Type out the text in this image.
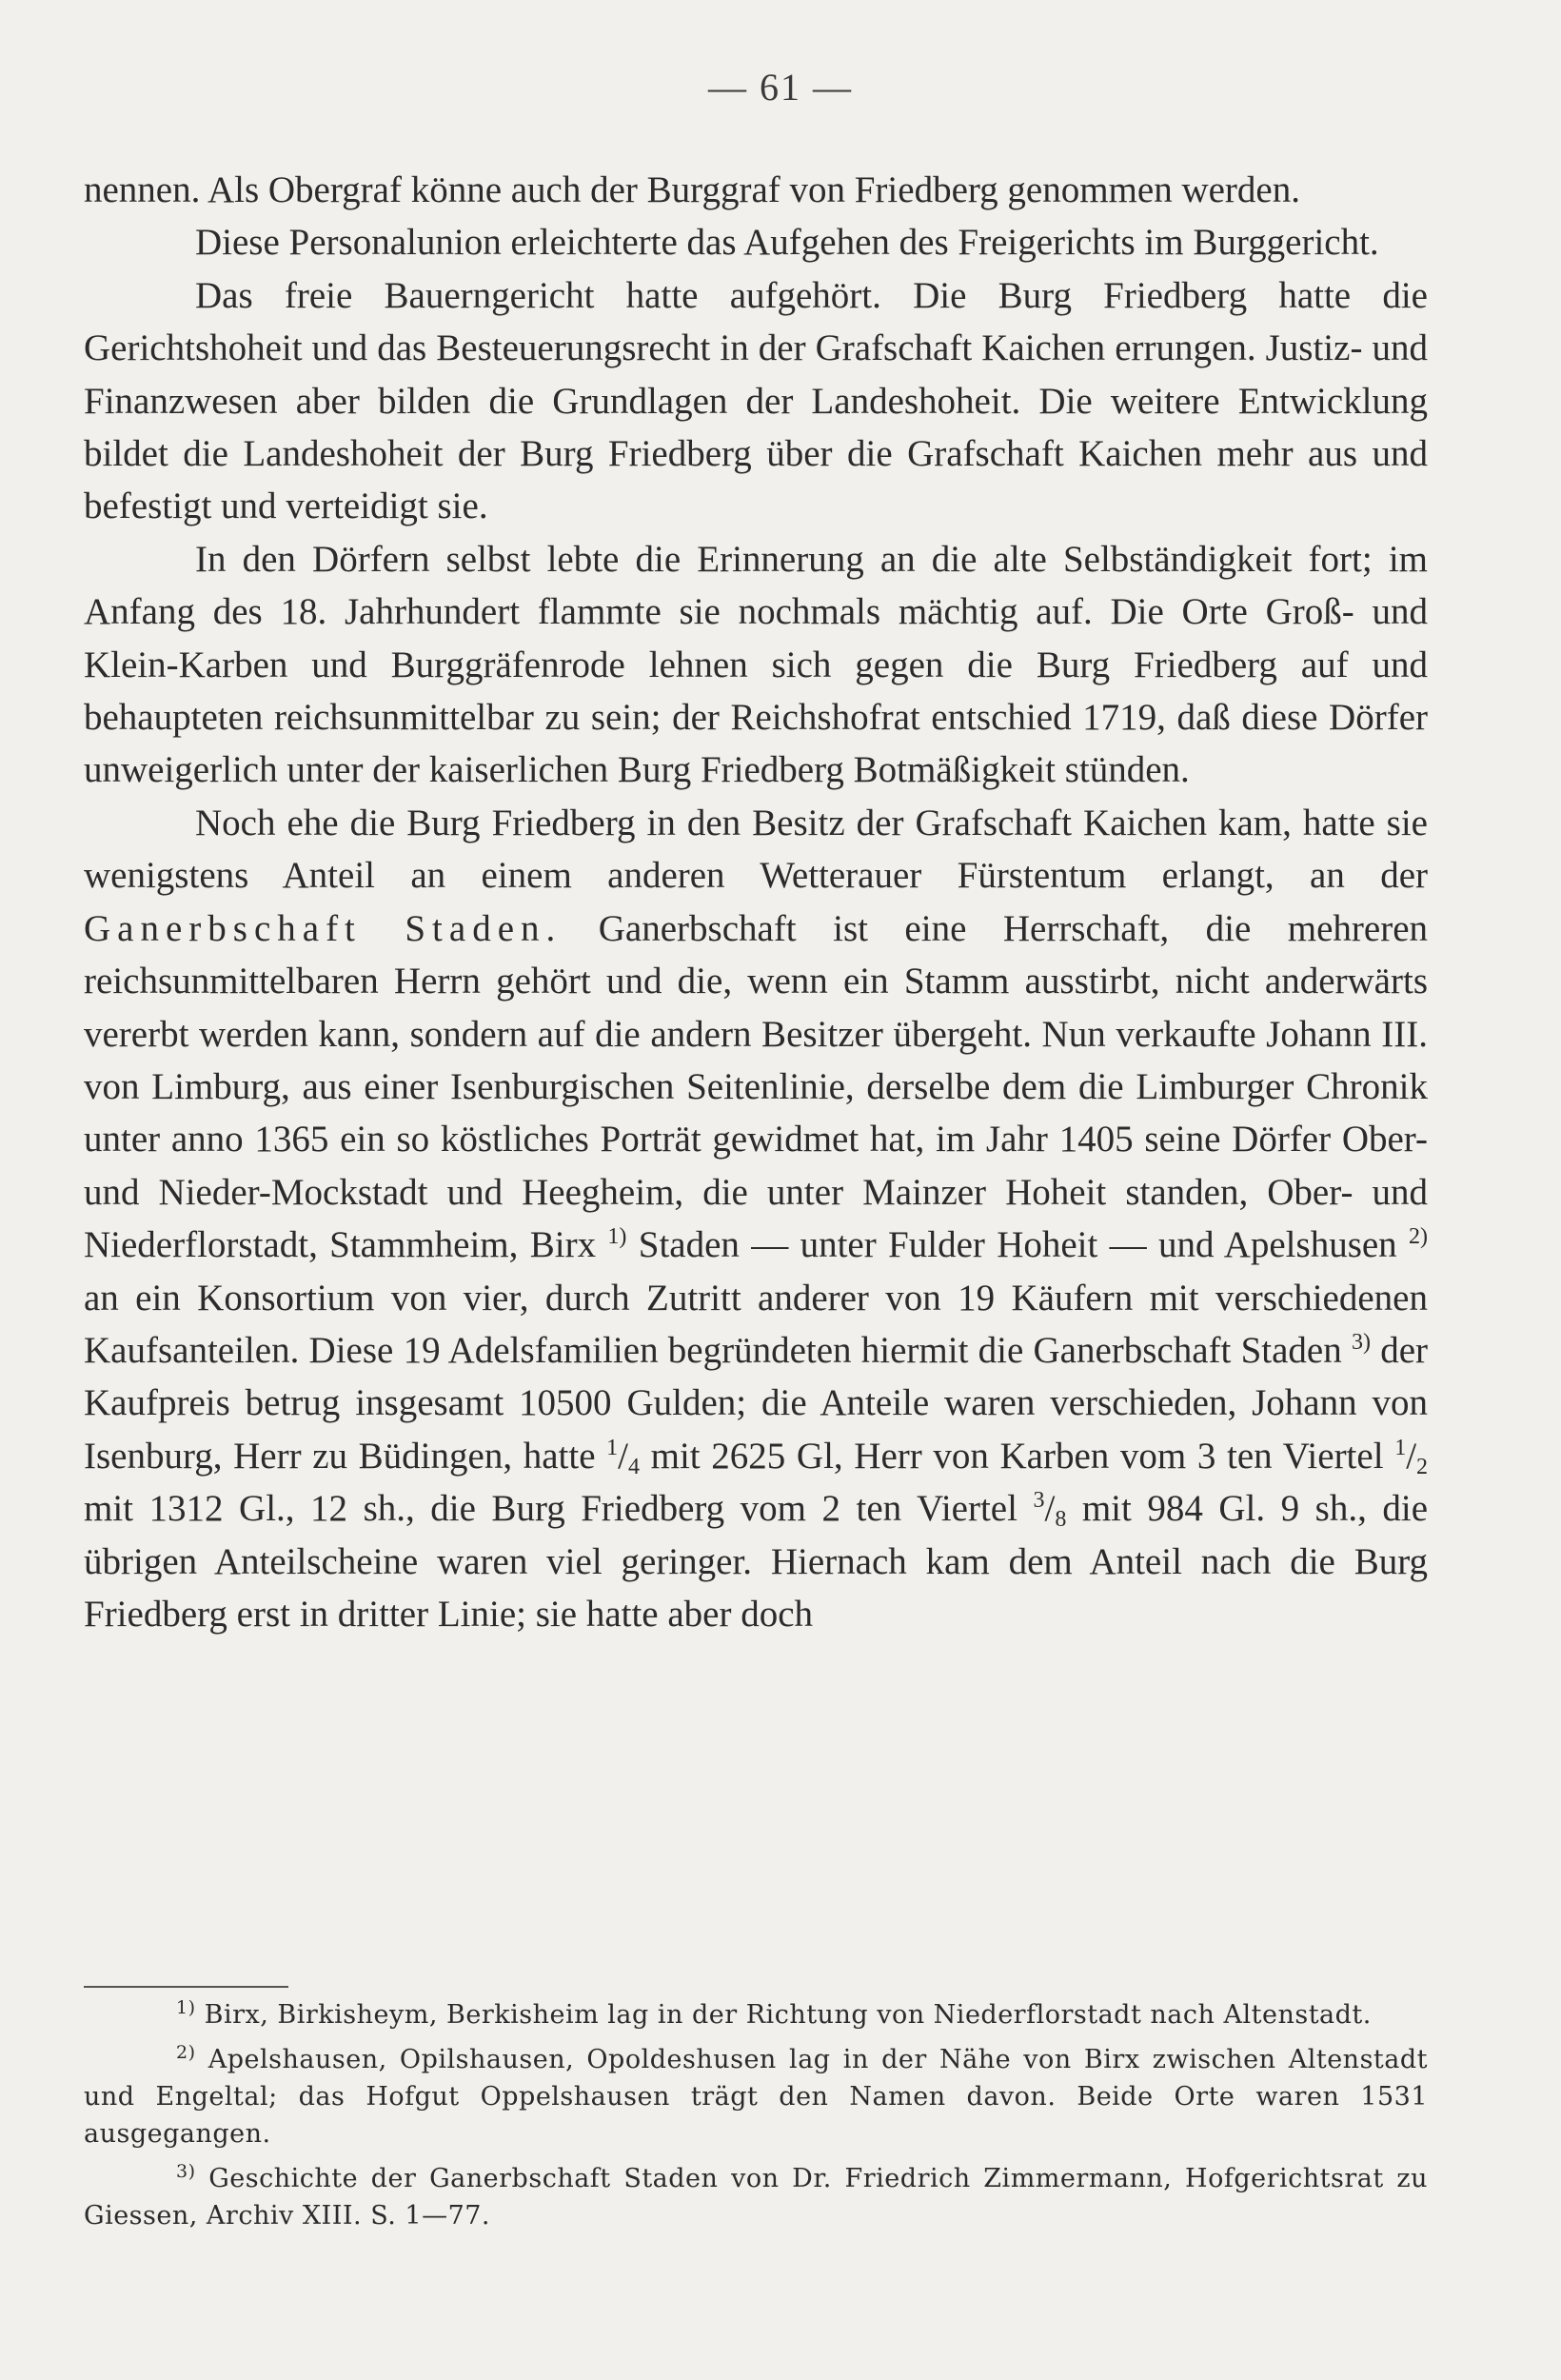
— 61 —

nennen. Als Obergraf könne auch der Burggraf von Friedberg genommen werden.

Diese Personalunion erleichterte das Aufgehen des Freigerichts im Burggericht.

Das freie Bauerngericht hatte aufgehört. Die Burg Friedberg hatte die Gerichtshoheit und das Besteuerungsrecht in der Grafschaft Kaichen errungen. Justiz- und Finanzwesen aber bilden die Grundlagen der Landeshoheit. Die weitere Entwicklung bildet die Landeshoheit der Burg Friedberg über die Grafschaft Kaichen mehr aus und befestigt und verteidigt sie.

In den Dörfern selbst lebte die Erinnerung an die alte Selbständigkeit fort; im Anfang des 18. Jahrhundert flammte sie nochmals mächtig auf. Die Orte Groß- und Klein-Karben und Burggräfenrode lehnen sich gegen die Burg Friedberg auf und behaupteten reichsunmittelbar zu sein; der Reichshofrat entschied 1719, daß diese Dörfer unweigerlich unter der kaiserlichen Burg Friedberg Botmäßigkeit stünden.

Noch ehe die Burg Friedberg in den Besitz der Grafschaft Kaichen kam, hatte sie wenigstens Anteil an einem anderen Wetterauer Fürstentum erlangt, an der Ganerbschaft Staden. Ganerbschaft ist eine Herrschaft, die mehreren reichsunmittelbaren Herrn gehört und die, wenn ein Stamm ausstirbt, nicht anderwärts vererbt werden kann, sondern auf die andern Besitzer übergeht. Nun verkaufte Johann III. von Limburg, aus einer Isenburgischen Seitenlinie, derselbe dem die Limburger Chronik unter anno 1365 ein so köstliches Porträt gewidmet hat, im Jahr 1405 seine Dörfer Ober- und Nieder-Mockstadt und Heegheim, die unter Mainzer Hoheit standen, Ober- und Niederflorstadt, Stammheim, Birx $^{1)}$ Staden — unter Fulder Hoheit — und Apelshusen $^{2)}$ an ein Konsortium von vier, durch Zutritt anderer von 19 Käufern mit verschiedenen Kaufsanteilen. Diese 19 Adelsfamilien begründeten hiermit die Ganerbschaft Staden $^{3)}$ der Kaufpreis betrug insgesamt 10500 Gulden; die Anteile waren verschieden, Johann von Isenburg, Herr zu Büdingen, hatte $^1/_4$ mit 2625 Gl, Herr von Karben vom 3 ten Viertel $^1/_2$ mit 1312 Gl., 12 sh., die Burg Friedberg vom 2 ten Viertel $^3/_8$ mit 984 Gl. 9 sh., die übrigen Anteilscheine waren viel geringer. Hiernach kam dem Anteil nach die Burg Friedberg erst in dritter Linie; sie hatte aber doch

$^{1)}$ Birx, Birkisheym, Berkisheim lag in der Richtung von Niederflorstadt nach Altenstadt.

$^{2)}$ Apelshausen, Opilshausen, Opoldeshusen lag in der Nähe von Birx zwischen Altenstadt und Engeltal; das Hofgut Oppelshausen trägt den Namen davon. Beide Orte waren 1531 ausgegangen.

$^{3)}$ Geschichte der Ganerbschaft Staden von Dr. Friedrich Zimmermann, Hofgerichtsrat zu Giessen, Archiv XIII. S. 1—77.
